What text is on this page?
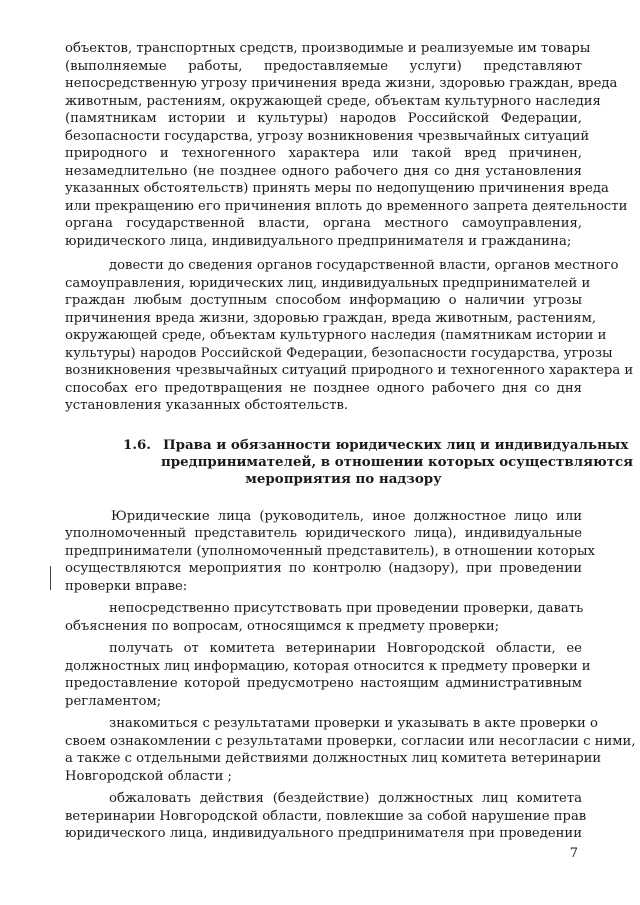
объектов, транспортных средств, производимые и реализуемые им товары
(выполняемые работы, предоставляемые услуги) представляют
непосредственную угрозу причинения вреда жизни, здоровью граждан, вреда
животным, растениям, окружающей среде, объектам культурного наследия
(памятникам истории и культуры) народов Российской Федерации,
безопасности государства, угрозу возникновения чрезвычайных ситуаций
природного и техногенного характера или такой вред причинен,
незамедлительно (не позднее одного рабочего дня со дня установления
указанных обстоятельств) принять меры по недопущению причинения вреда
или прекращению его причинения вплоть до временного запрета деятельности
органа государственной власти, органа местного самоуправления,
юридического лица, индивидуального предпринимателя и гражданина;
довести до сведения органов государственной власти, органов местного
самоуправления, юридических лиц, индивидуальных предпринимателей и
граждан любым доступным способом информацию о наличии угрозы
причинения вреда жизни, здоровью граждан, вреда животным, растениям,
окружающей среде, объектам культурного наследия (памятникам истории и
культуры) народов Российской Федерации, безопасности государства, угрозы
возникновения чрезвычайных ситуаций природного и техногенного характера и
способах его предотвращения не позднее одного рабочего дня со дня
установления указанных обстоятельств.
1.6. Права и обязанности юридических лиц и индивидуальных
предпринимателей, в отношении которых осуществляются
мероприятия по надзору
Юридические лица (руководитель, иное должностное лицо или
уполномоченный представитель юридического лица), индивидуальные
предприниматели (уполномоченный представитель), в отношении которых
осуществляются мероприятия по контролю (надзору), при проведении
проверки вправе:
непосредственно присутствовать при проведении проверки, давать
объяснения по вопросам, относящимся к предмету проверки;
получать от комитета ветеринарии Новгородской области, ее
должностных лиц информацию, которая относится к предмету проверки и
предоставление которой предусмотрено настоящим административным
регламентом;
знакомиться с результатами проверки и указывать в акте проверки о
своем ознакомлении с результатами проверки, согласии или несогласии с ними,
а также с отдельными действиями должностных лиц комитета ветеринарии
Новгородской области ;
обжаловать действия (бездействие) должностных лиц комитета
ветеринарии Новгородской области, повлекшие за собой нарушение прав
юридического лица, индивидуального предпринимателя при проведении
7
